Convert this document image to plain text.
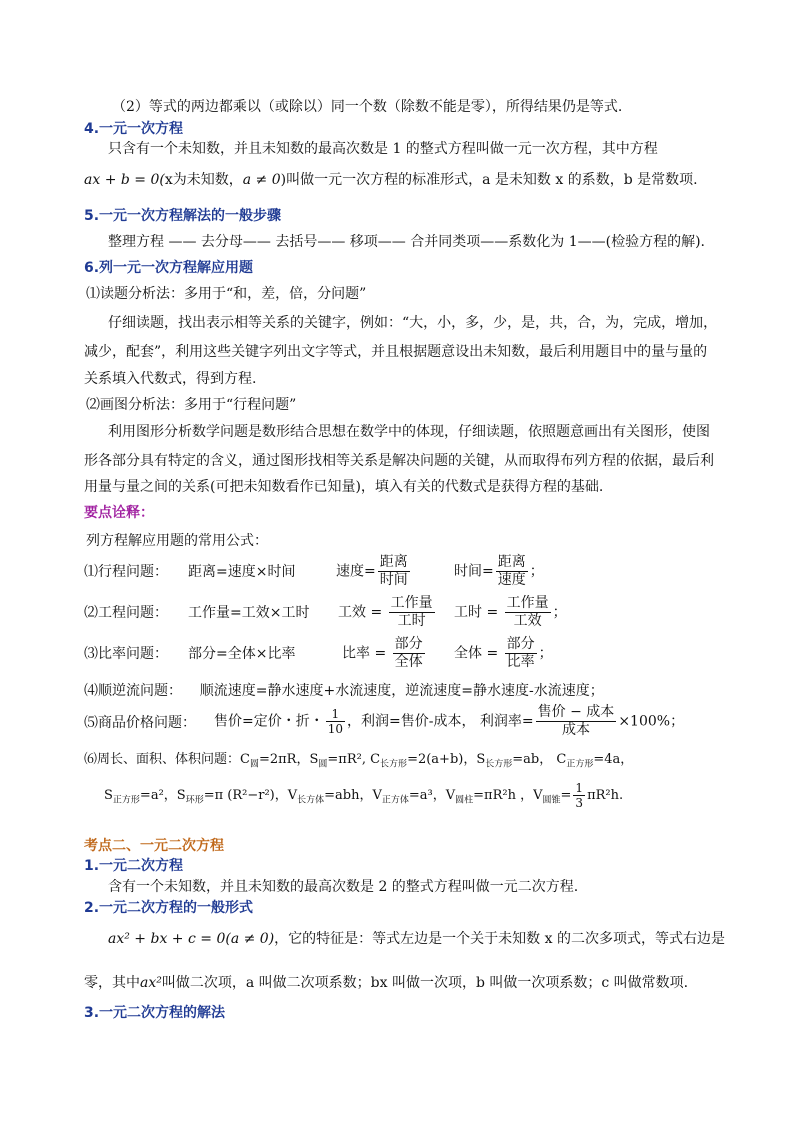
（2）等式的两边都乘以（或除以）同一个数（除数不能是零），所得结果仍是等式.
4.一元一次方程
只含有一个未知数，并且未知数的最高次数是 1 的整式方程叫做一元一次方程，其中方程
ax + b = 0(x为未知数，a ≠ 0)叫做一元一次方程的标准形式，a 是未知数 x 的系数，b 是常数项.
5.一元一次方程解法的一般步骤
整理方程 —— 去分母—— 去括号—— 移项—— 合并同类项——系数化为 1——(检验方程的解).
6.列一元一次方程解应用题
⑴读题分析法：多用于“和，差，倍，分问题”
仔细读题，找出表示相等关系的关键字，例如：“大，小，多，少，是，共，合，为，完成，增加，
减少，配套”，利用这些关键字列出文字等式，并且根据题意设出未知数，最后利用题目中的量与量的
关系填入代数式，得到方程.
⑵画图分析法：多用于“行程问题”
利用图形分析数学问题是数形结合思想在数学中的体现，仔细读题，依照题意画出有关图形，使图
形各部分具有特定的含义，通过图形找相等关系是解决问题的关键，从而取得布列方程的依据，最后利
用量与量之间的关系(可把未知数看作已知量)，填入有关的代数式是获得方程的基础.
要点诠释：
列方程解应用题的常用公式：
⑴行程问题： 距离=速度×时间	速度= $\frac{\text{距离}}{\text{时间}}$	时间= $\frac{\text{距离}}{\text{速度}}$ ；
⑵工程问题： 工作量=工效×工时 工效 = $\frac{\text{工作量}}{\text{工时}}$ 工时 = $\frac{\text{工作量}}{\text{工效}}$ ；
⑶比率问题： 部分=全体×比率	比率 = $\frac{\text{部分}}{\text{全体}}$ 全体 = $\frac{\text{部分}}{\text{比率}}$ ；
⑷顺逆流问题：    顺流速度=静水速度+水流速度，逆流速度=静水速度-水流速度；
⑸商品价格问题： 售价=定价・折・ $\frac{1}{10}$ ，利润=售价-成本， 利润率= $\frac{\text{售价 − 成本}}{\text{成本}} \times 100\%$；
⑹周长、面积、体积问题：$C_圆=2\pi R$，$S_圆=\pi R^2$, $C_{长方形}=2(a+b)$，$S_{长方形}=ab$， $C_{正方形}=4a$，
$S_{正方形}=a^2$，$S_{环形}=\pi$ (R²−r²)，$V_{长方体}=abh$，$V_{正方体}=a^3$，$V_{圆柱}=\pi R^2h$ ，$V_{圆锥}= \frac{1}{3} \pi R^2h$.
考点二、一元二次方程
1.一元二次方程
含有一个未知数，并且未知数的最高次数是 2 的整式方程叫做一元二次方程.
2.一元二次方程的一般形式
ax² + bx + c = 0(a ≠ 0)，它的特征是：等式左边是一个关于未知数 x 的二次多项式，等式右边是
零，其中ax²叫做二次项，a 叫做二次项系数；bx 叫做一次项，b 叫做一次项系数；c 叫做常数项.
3.一元二次方程的解法
